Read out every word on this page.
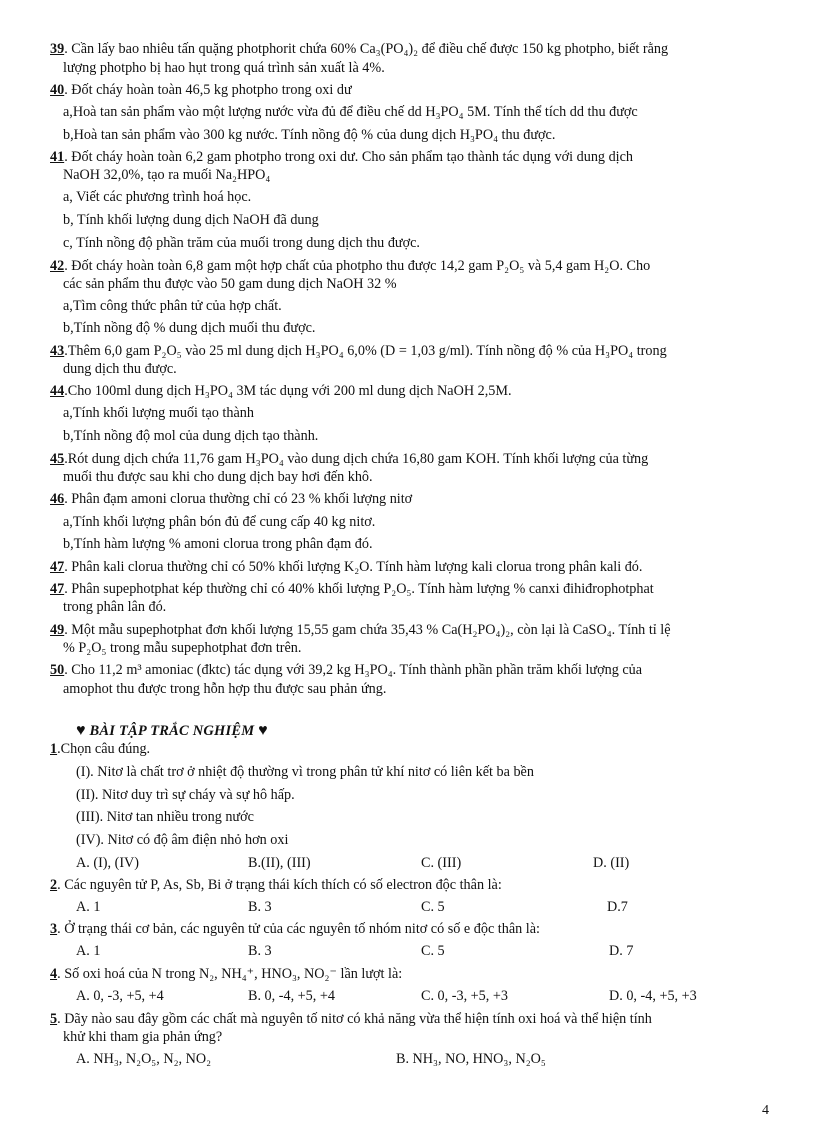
39. Cần lấy bao nhiêu tấn quặng photphorit chứa 60% Ca₃(PO₄)₂ để điều chế được 150 kg photpho, biết rằng
lượng photpho bị hao hụt trong quá trình sản xuất là 4%.
40. Đốt cháy hoàn toàn 46,5 kg photpho trong oxi dư
a,Hoà tan sản phẩm vào một lượng nước vừa đủ để điều chế dd H₃PO₄ 5M. Tính thể tích dd thu được
b,Hoà tan sản phẩm vào 300 kg nước. Tính nồng độ % của dung dịch H₃PO₄ thu được.
41. Đốt cháy hoàn toàn 6,2 gam photpho trong oxi dư. Cho sản phẩm tạo thành tác dụng với dung dịch
NaOH 32,0%, tạo ra muối Na₂HPO₄
a, Viết các phương trình hoá học.
b, Tính khối lượng dung dịch NaOH đã dung
c, Tính nồng độ phần trăm của muối trong dung dịch thu được.
42. Đốt cháy hoàn toàn 6,8 gam một hợp chất của photpho thu được 14,2 gam P₂O₅ và 5,4 gam H₂O. Cho
các sản phẩm thu được vào 50 gam dung dịch NaOH 32 %
a,Tìm công thức phân tử của hợp chất.
b,Tính nồng độ % dung dịch muối thu được.
43.Thêm 6,0 gam P₂O₅ vào 25 ml dung dịch H₃PO₄ 6,0% (D = 1,03 g/ml). Tính nồng độ % của H₃PO₄ trong
dung dịch thu được.
44.Cho 100ml dung dịch H₃PO₄ 3M tác dụng với 200 ml dung dịch NaOH 2,5M.
a,Tính khối lượng muối tạo thành
b,Tính nồng độ mol của dung dịch tạo thành.
45.Rót dung dịch chứa 11,76 gam H₃PO₄ vào dung dịch chứa 16,80 gam KOH. Tính khối lượng của từng
muối thu được sau khi cho dung dịch bay hơi đến khô.
46. Phân đạm amoni clorua thường chỉ có 23 % khối lượng nitơ
a,Tính khối lượng phân bón đủ để cung cấp 40 kg nitơ.
b,Tính hàm lượng % amoni clorua trong phân đạm đó.
47. Phân kali clorua thường chỉ có 50% khối lượng K₂O. Tính hàm lượng kali clorua trong phân kali đó.
47. Phân supephotphat kép thường chỉ có 40% khối lượng P₂O₅. Tính hàm lượng % canxi đihiđrophotphat
trong phân lân đó.
49. Một mẫu supephotphat đơn khối lượng 15,55 gam chứa 35,43 % Ca(H₂PO₄)₂, còn lại là CaSO₄. Tính tỉ lệ
% P₂O₅ trong mẫu supephotphat đơn trên.
50. Cho 11,2 m³ amoniac (đktc) tác dụng với 39,2 kg H₃PO₄. Tính thành phần phần trăm khối lượng của
amophot thu được trong hỗn hợp thu được sau phản ứng.
♥ BÀI TẬP TRẮC NGHIỆM ♥
1.Chọn câu đúng.
(I). Nitơ là chất trơ ở nhiệt độ thường vì trong phân tử khí nitơ có liên kết ba bền
(II). Nitơ duy trì sự cháy và sự hô hấp.
(III). Nitơ tan nhiều trong nước
(IV). Nitơ có độ âm điện nhỏ hơn oxi
A. (I), (IV)	B.(II), (III)	C. (III)	D. (II)
2. Các nguyên tử P, As, Sb, Bi ở trạng thái kích thích có số electron độc thân là:
A. 1	B. 3	C. 5	D.7
3. Ở trạng thái cơ bản, các nguyên tử của các nguyên tố nhóm nitơ có số e độc thân là:
A. 1	B. 3	C. 5	D. 7
4. Số oxi hoá của N trong N₂, NH₄⁺, HNO₃, NO₂⁻ lần lượt là:
A. 0, -3, +5, +4	B. 0, -4, +5, +4	C. 0, -3, +5, +3	D. 0, -4, +5, +3
5. Dãy nào sau đây gồm các chất mà nguyên tố nitơ có khả năng vừa thể hiện tính oxi hoá và thể hiện tính
khử khi tham gia phản ứng?
A. NH₃, N₂O₅, N₂, NO₂	B. NH₃, NO, HNO₃, N₂O₅
4
